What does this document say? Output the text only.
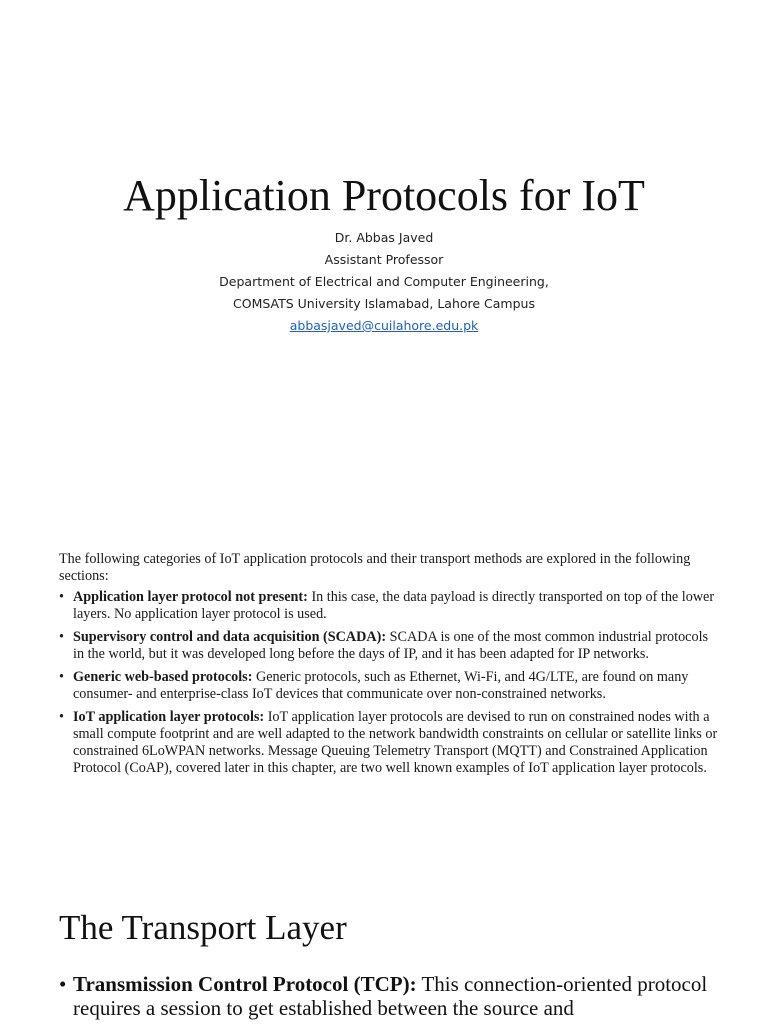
Application Protocols for IoT
Dr. Abbas Javed
Assistant Professor
Department of Electrical and Computer Engineering,
COMSATS University Islamabad, Lahore Campus
abbasjaved@cuilahore.edu.pk

The following categories of IoT application protocols and their transport methods are explored in the following sections:

• Application layer protocol not present: In this case, the data payload is directly transported on top of the lower layers. No application layer protocol is used.
• Supervisory control and data acquisition (SCADA): SCADA is one of the most common industrial protocols in the world, but it was developed long before the days of IP, and it has been adapted for IP networks.
• Generic web-based protocols: Generic protocols, such as Ethernet, Wi-Fi, and 4G/LTE, are found on many consumer- and enterprise-class IoT devices that communicate over non-constrained networks.
• IoT application layer protocols: IoT application layer protocols are devised to run on constrained nodes with a small compute footprint and are well adapted to the network bandwidth constraints on cellular or satellite links or constrained 6LoWPAN networks. Message Queuing Telemetry Transport (MQTT) and Constrained Application Protocol (CoAP), covered later in this chapter, are two well known examples of IoT application layer protocols.
The Transport Layer
• Transmission Control Protocol (TCP): This connection-oriented protocol requires a session to get established between the source and
